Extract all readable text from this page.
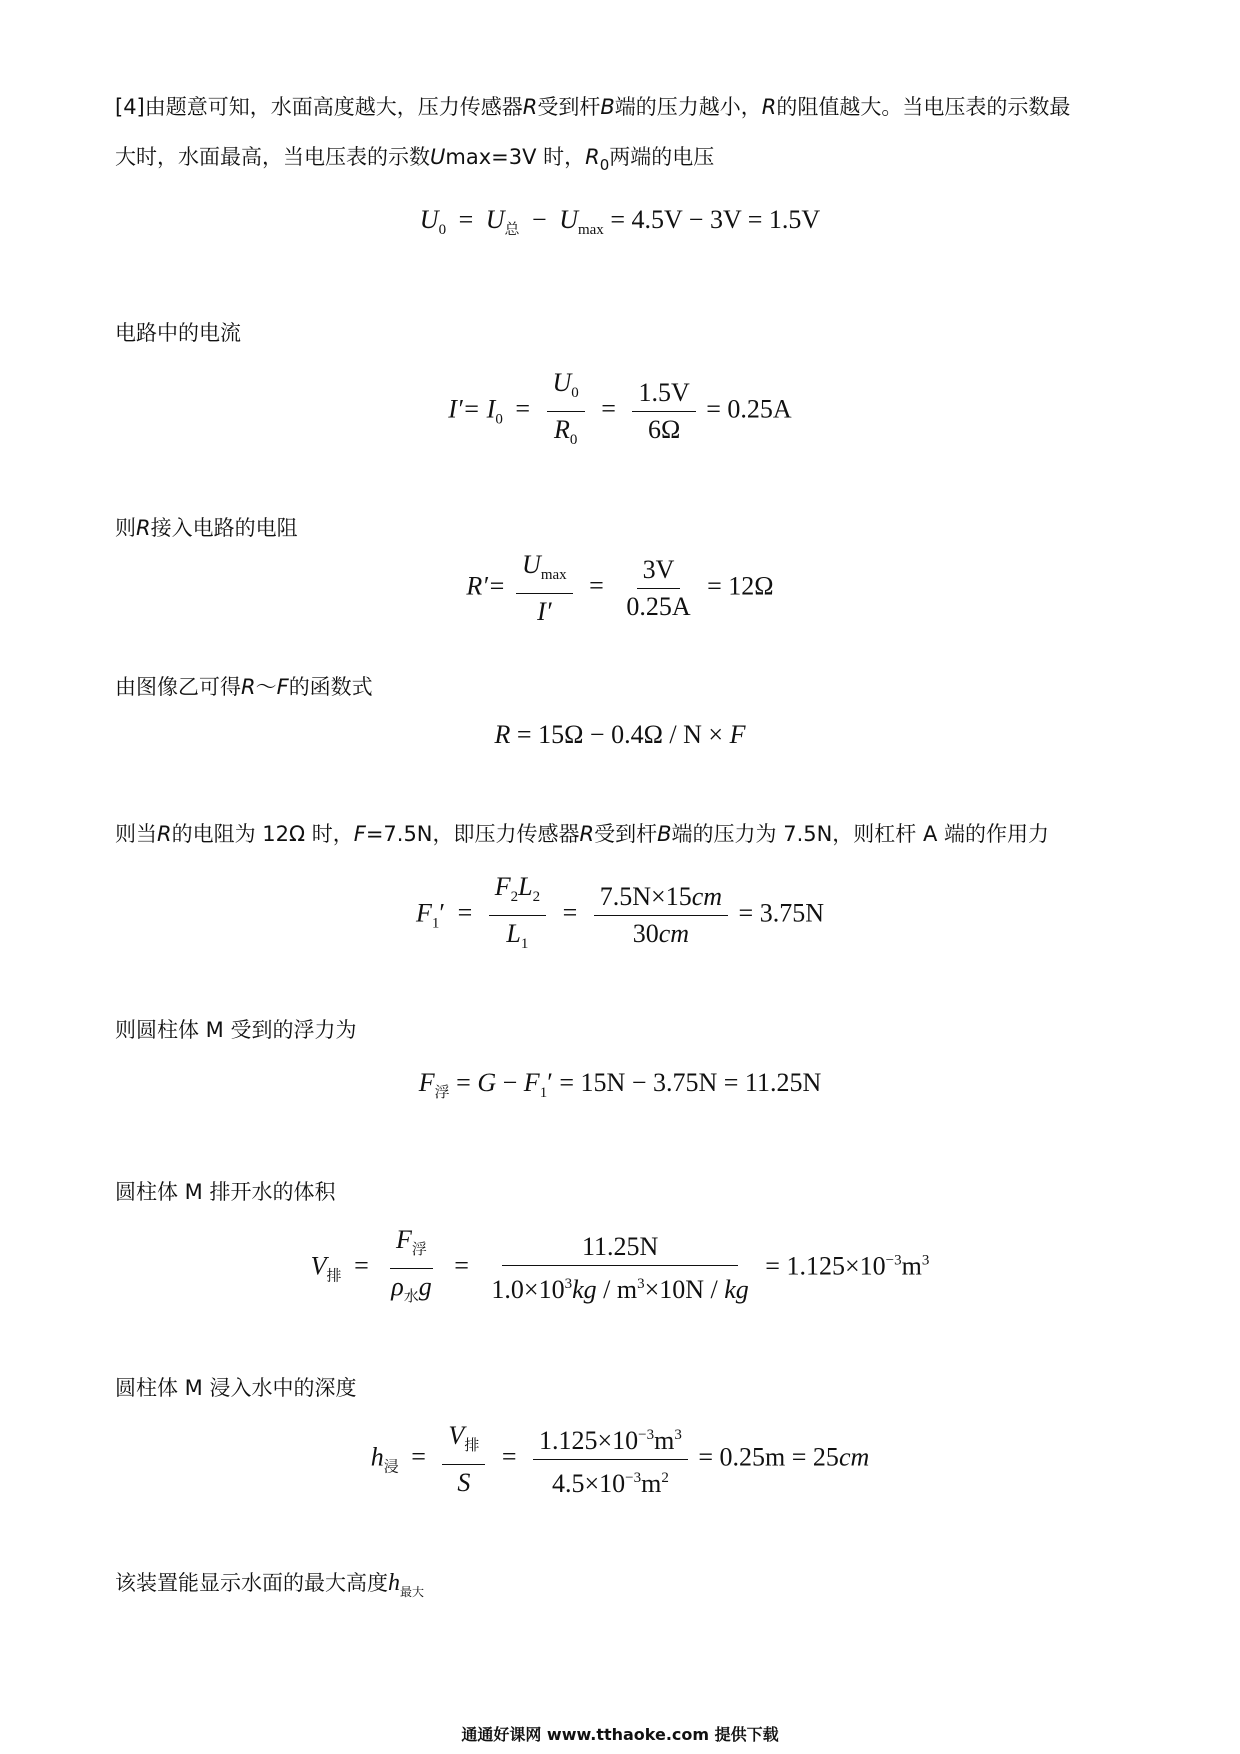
[4]由题意可知，水面高度越大，压力传感器R受到杆B端的压力越小，R的阻值越大。当电压表的示数最
大时，水面最高，当电压表的示数Umax=3V 时，$R_0$两端的电压
$U_0 = U_总 - U_{max} = 4.5V - 3V = 1.5V$
电路中的电流
$I'= I_0 = \frac{U_0}{R_0} = \frac{1.5V}{6\Omega} = 0.25A$
则R接入电路的电阻
$R'= \frac{U_{max}}{I'} = \frac{3V}{0.25A} = 12\Omega$
由图像乙可得R～F的函数式
R = 15Ω − 0.4Ω / N × F
则当R的电阻为 12Ω 时，F=7.5N，即压力传感器R受到杆B端的压力为 7.5N，则杠杆 A 端的作用力
$F_1' = \frac{F_2L_2}{L_1} = \frac{7.5N\times 15cm}{30cm} = 3.75N$
则圆柱体 M 受到的浮力为
$F_浮 = G - F_1' = 15N - 3.75N = 11.25N$
圆柱体 M 排开水的体积
$V_排 = \frac{F_浮}{\rho_水g} = \frac{11.25N}{1.0\times 10^3kg / m^3\times 10N / kg} = 1.125\times 10^{-3}m^3$
圆柱体 M 浸入水中的深度
$h_浸 = \frac{V_排}{S} = \frac{1.125\times 10^{-3}m^3}{4.5\times 10^{-3}m^2} = 0.25m = 25cm$
该装置能显示水面的最大高度$h_{最大}$
通通好课网 www.tthaoke.com 提供下载
